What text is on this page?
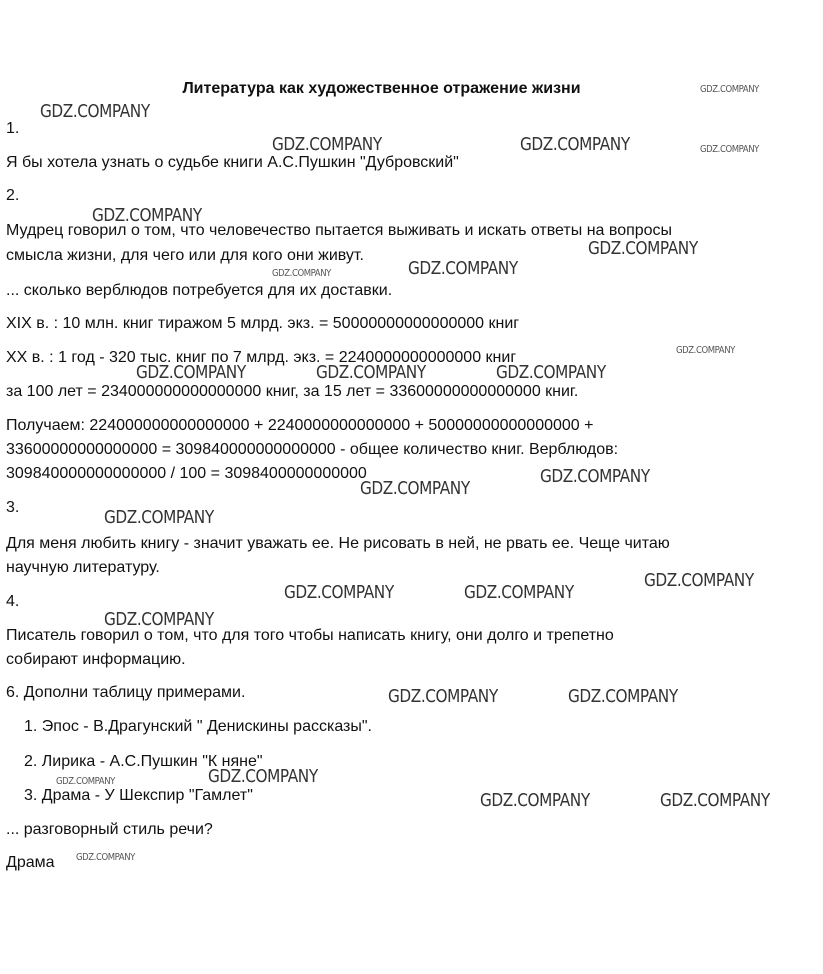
Литература как художественное отражение жизни
1.
Я бы хотела узнать о судьбе книги А.С.Пушкин "Дубровский"
2.
Мудрец говорил о том, что человечество пытается выживать и искать ответы на вопросы
смысла жизни, для чего или для кого они живут.
... сколько верблюдов потребуется для их доставки.
XIX в. : 10 млн. книг тиражом 5 млрд. экз. = 50000000000000000 книг
XX в. : 1 год - 320 тыс. книг по 7 млрд. экз. = 2240000000000000 книг
за 100 лет = 234000000000000000 книг, за 15 лет = 33600000000000000 книг.
Получаем: 224000000000000000 + 2240000000000000 + 50000000000000000 +
33600000000000000 = 309840000000000000 - общее количество книг. Верблюдов:
309840000000000000 / 100 = 3098400000000000
3.
Для меня любить книгу - значит уважать ее. Не рисовать в ней, не рвать ее. Чеще читаю
научную литературу.
4.
Писатель говорил о том, что для того чтобы написать книгу, они долго и трепетно
собирают информацию.
6. Дополни таблицу примерами.
1. Эпос - В.Драгунский " Денискины рассказы".
2. Лирика - А.С.Пушкин "К няне"
3. Драма - У Шекспир "Гамлет"
... разговорный стиль речи?
Драма
GDZ.COMPANY
GDZ.COMPANY
GDZ.COMPANY	GDZ.COMPANY	GDZ.COMPANY
GDZ.COMPANY
GDZ.COMPANY
GDZ.COMPANY
GDZ.COMPANY
GDZ.COMPANY
GDZ.COMPANY	GDZ.COMPANY	GDZ.COMPANY
GDZ.COMPANY
GDZ.COMPANY
GDZ.COMPANY
GDZ.COMPANY
GDZ.COMPANY	GDZ.COMPANY
GDZ.COMPANY
GDZ.COMPANY	GDZ.COMPANY
GDZ.COMPANY
GDZ.COMPANY
GDZ.COMPANY	GDZ.COMPANY
GDZ.COMPANY
